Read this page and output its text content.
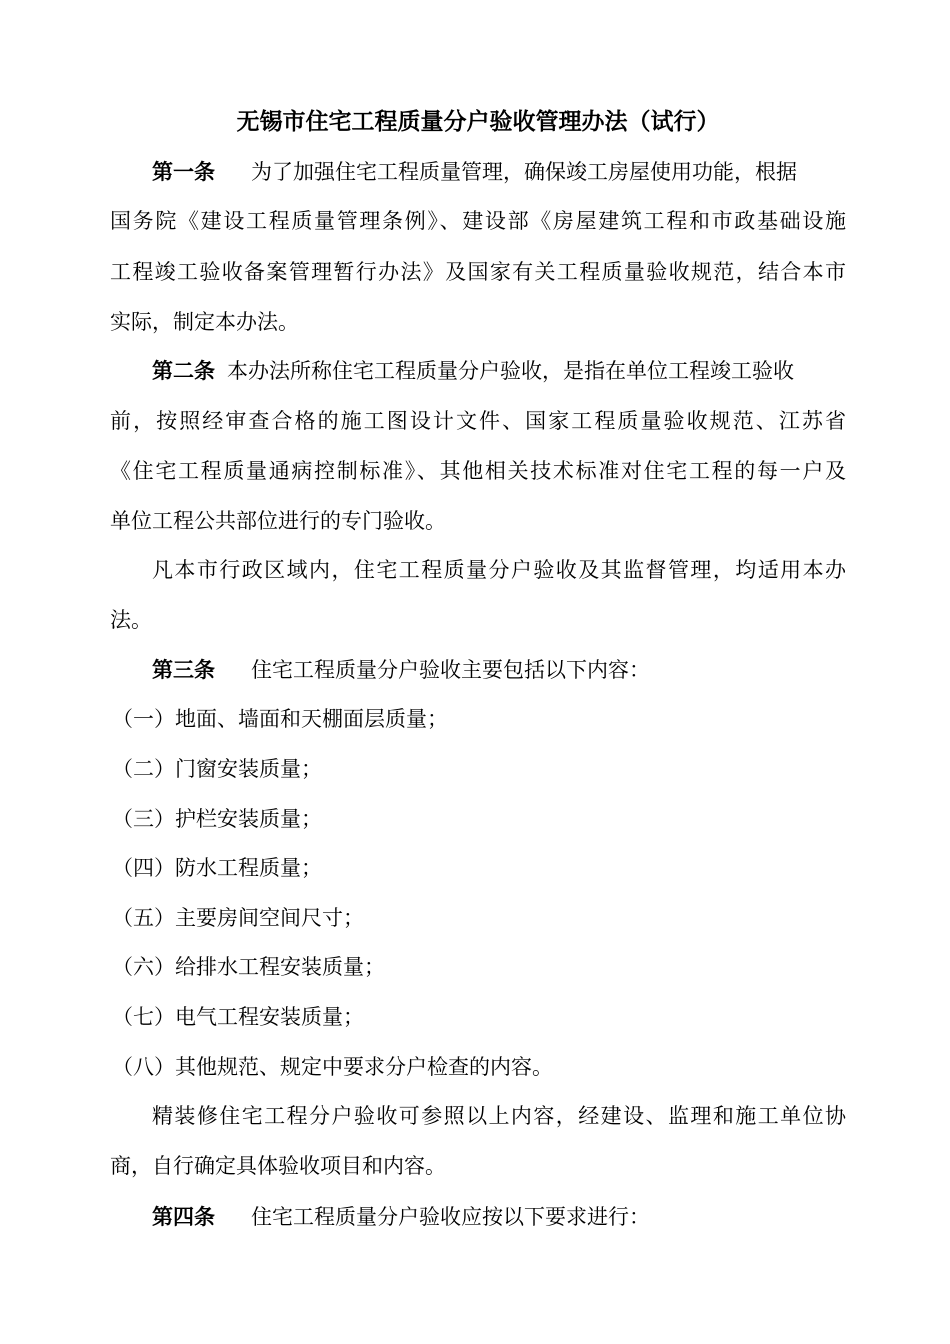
无锡市住宅工程质量分户验收管理办法（试行）
第一条 为了加强住宅工程质量管理，确保竣工房屋使用功能，根据
国务院《建设工程质量管理条例》、建设部《房屋建筑工程和市政基础设施
工程竣工验收备案管理暂行办法》及国家有关工程质量验收规范，结合本市
实际，制定本办法。
第二条 本办法所称住宅工程质量分户验收，是指在单位工程竣工验收
前，按照经审查合格的施工图设计文件、国家工程质量验收规范、江苏省
《住宅工程质量通病控制标准》、其他相关技术标准对住宅工程的每一户及
单位工程公共部位进行的专门验收。
凡本市行政区域内，住宅工程质量分户验收及其监督管理，均适用本办
法。
第三条 住宅工程质量分户验收主要包括以下内容：
（一）地面、墙面和天棚面层质量；
（二）门窗安装质量；
（三）护栏安装质量；
（四）防水工程质量；
（五）主要房间空间尺寸；
（六）给排水工程安装质量；
（七）电气工程安装质量；
（八）其他规范、规定中要求分户检查的内容。
精装修住宅工程分户验收可参照以上内容，经建设、监理和施工单位协
商，自行确定具体验收项目和内容。
第四条 住宅工程质量分户验收应按以下要求进行：
